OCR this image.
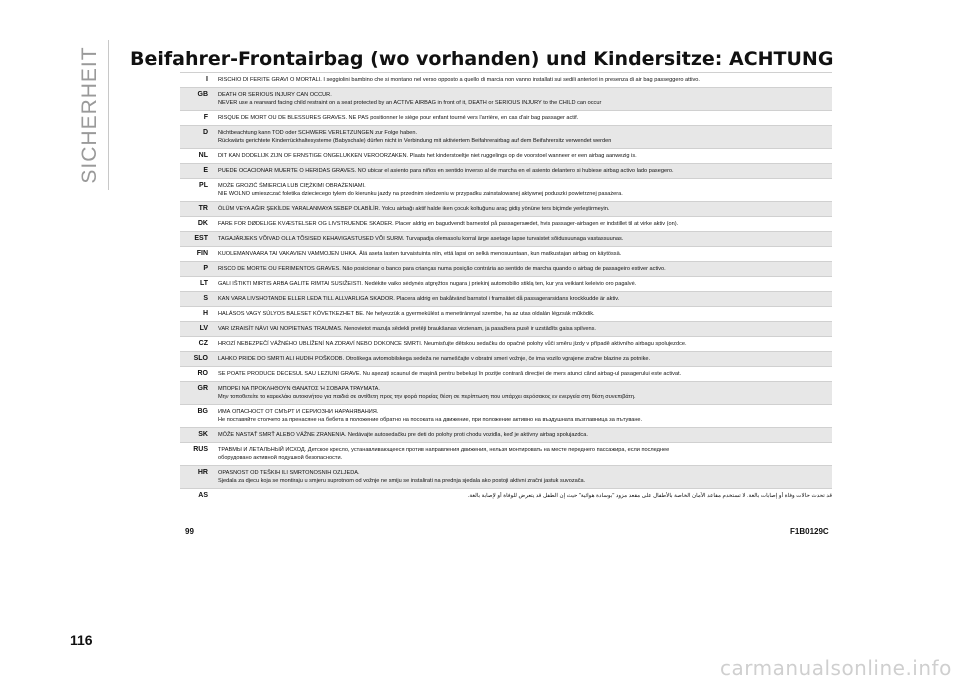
SICHERHEIT Beifahrer-Frontairbag (wo vorhanden) und Kindersitze: ACHTUNG
I	RISCHIO DI FERITE GRAVI O MORTALI. I seggiolini bambino che si montano nel verso opposto a quello di marcia non vanno installati sui sedili anteriori in presenza di air bag passeggero attivo.
GB	DEATH OR SERIOUS INJURY CAN OCCUR.
NEVER use a rearward facing child restraint on a seat protected by an ACTIVE AIRBAG in front of it, DEATH or SERIOUS INJURY to the CHILD can occur
F	RISQUE DE MORT OU DE BLESSURES GRAVES. NE PAS positionner le siège pour enfant tourné vers l'arrière, en cas d'air bag passager actif.
D	Nichtbeachtung kann TOD oder SCHWERE VERLETZUNGEN zur Folge haben.
Rückwärts gerichtete Kinderrückhaltesysteme (Babyschale) dürfen nicht in Verbindung mit aktiviertem Beifahrerairbag auf dem Beifahrersitz verwendet werden
NL	DIT KAN DODELIJK ZIJN OF ERNSTIGE ONGELUKKEN VEROORZAKEN. Plaats het kinderstoeltje niet ruggelings op de voorstoel wanneer er een airbag aanwezig is.
E	PUEDE OCACIONAR MUERTE O HERIDAS GRAVES. NO ubicar el asiento para niños en sentido inverso al de marcha en el asiento delantero si hubiese airbag activo lado pasegero.
PL	MOŻE GROZIĆ ŚMIERCIA LUB CIĘŻKIMI OBRAŻENIAMI.
NIE WOLNO umieszczać foletika dzieciecego tylem do kierunku jazdy na przednim siedzeniu w przypadku zainstalowanej aktywnej poduszki powietrznej pasażera.
TR	ÖLÜM VEYA AĞIR ŞEKİLDE YARALANMAYA SEBEP OLABİLİR. Yolcu airbağı aktif halde iken çocuk koltuğunu araç gidiş yönüne ters biçimde yerleştirmeyin.
DK	FARE FOR DØDELIGE KVÆSTELSER OG LIVSTRUENDE SKADER. Placer aldrig en bagudvendt barnestol på passagersædet, hvis passager-airbagen er indstillet til at virke aktiv (on).
EST	TAGAJÄRJEKS VÕIVAD OLLA TÕSISED KEHAVIGASTUSED VÕI SURM. Turvapadja olemasolu korral ärge asetage lapse turvaistet sõidusuunaga vastassuunas.
FIN	KUOLEMANVAARA TAI VAKAVIEN VAMMOJEN UHKA. Älä aseta lasten turvaistuinta niin, että lapsi on selkä menosuuntaan, kun matkustajan airbag on käytössä.
P	RISCO DE MORTE OU FERIMENTOS GRAVES. Não posicionar o banco para crianças numa posição contrária ao sentido de marcha quando o airbag de passageiro estiver activo.
LT	GALI IŠTIKTI MIRTIS ARBA GALITE RIMTAI SUSIŽEISTI. Nedėkite vaiko sėdynės atgręžtos nugara į priekinį automobilio stiklą ten, kur yra veikiant keleivio oro pagalvė.
S	KAN VARA LIVSHOTANDE ELLER LEDA TILL ALLVARLIGA SKADOR. Placera aldrig en bakåtvänd barnstol i framsätet då passagerarsidans krockkudde är aktiv.
H	HALÁSOS VAGY SÚLYOS BALESET KÖVETKEZHET BE. Ne helyezzük a gyermekülést a menetiránnyal szembe, ha az utas oldalán légzsák működik.
LV	VAR IZRAISĪT NĀVI VAI NOPIETNAS TRAUMAS. Nenovietot mazuļa sēdekli pretēji braukšanas virzienam, ja pasažiera pusē ir uzstādīts gaisa spilvens.
CZ	HROZÍ NEBEZPEČÍ VÁŽNÉHO UBLÍŽENÍ NA ZDRAVÍ NEBO DOKONCE SMRTI. Neumisťujte dětskou sedačku do opačné polohy vůči směru jízdy v případě aktivního airbagu spolujezdce.
SLO	LAHKO PRIDE DO SMRTI ALI HUDIH POŠKODB. Otroškega avtomobilskega sedeža ne nameščajte v obratni smeri vožnje, če ima vozilo vgrajene zračne blazine za potnike.
RO	SE POATE PRODUCE DECESUL SAU LEZIUNI GRAVE. Nu așezați scaunul de mașină pentru bebeluși în poziție contrară direcției de mers atunci când airbag-ul pasagerului este activat.
GR	ΜΠΟΡΕΙ ΝΑ ΠΡΟΚΛΗΘΟΥΝ ΘΑΝΑΤΟΣ Ή ΣΟΒΑΡΑ ΤΡΑΥΜΑΤΑ.
Μην τοποθετείτε το καρεκλάκι αυτοκινήτου για παιδιά σε αντίθετη προς την φορά πορείας θέση σε περίπτωση που υπάρχει αερόσακος εν ενεργεία στη θέση συνεπιβάτη.
BG	ИМА ОПАСНОСТ ОТ СМЪРТ И СЕРИОЗНИ НАРАНЯВАНИЯ.
Не поставяйте столчето за пренасяне на бебета в положение обратно на посоката на движение, при положение активно на въздушната възглавница за пътуване.
SK	MÔŽE NASTAŤ SMRŤ ALEBO VÁŽNE ZRANENIA. Nedávajte autosedačku pre deti do polohy proti chodu vozidla, keď je aktívny airbag spolujazdca.
RUS	ТРАВМЫ И ЛЕТАЛЬНЫЙ ИСХОД. Детское кресло, устанавливающееся против направления движения, нельзя монтировать на месте переднего пассажира, если последнее
оборудовано активной подушкой безопасности.
HR	OPASNOST OD TEŠKIH ILI SMRTONOSNIH OZLJEDA.
Sjedala za djecu koja se montiraju u smjeru suprotnom od vožnje ne smiju se instalirati na prednja sjedala ako postoji aktivni zračni jastuk suvozača.
AS	قد تحدث حالات وفاة أو إصابات بالغة. لا تستخدم مقاعد الأمان الخاصة بالأطفال على مقعد مزود "بوسادة هوائية" حيث إن الطفل قد يتعرض للوفاة أو لإصابة بالغة.
99	F1B0129C
116
carmanualsonline.info
